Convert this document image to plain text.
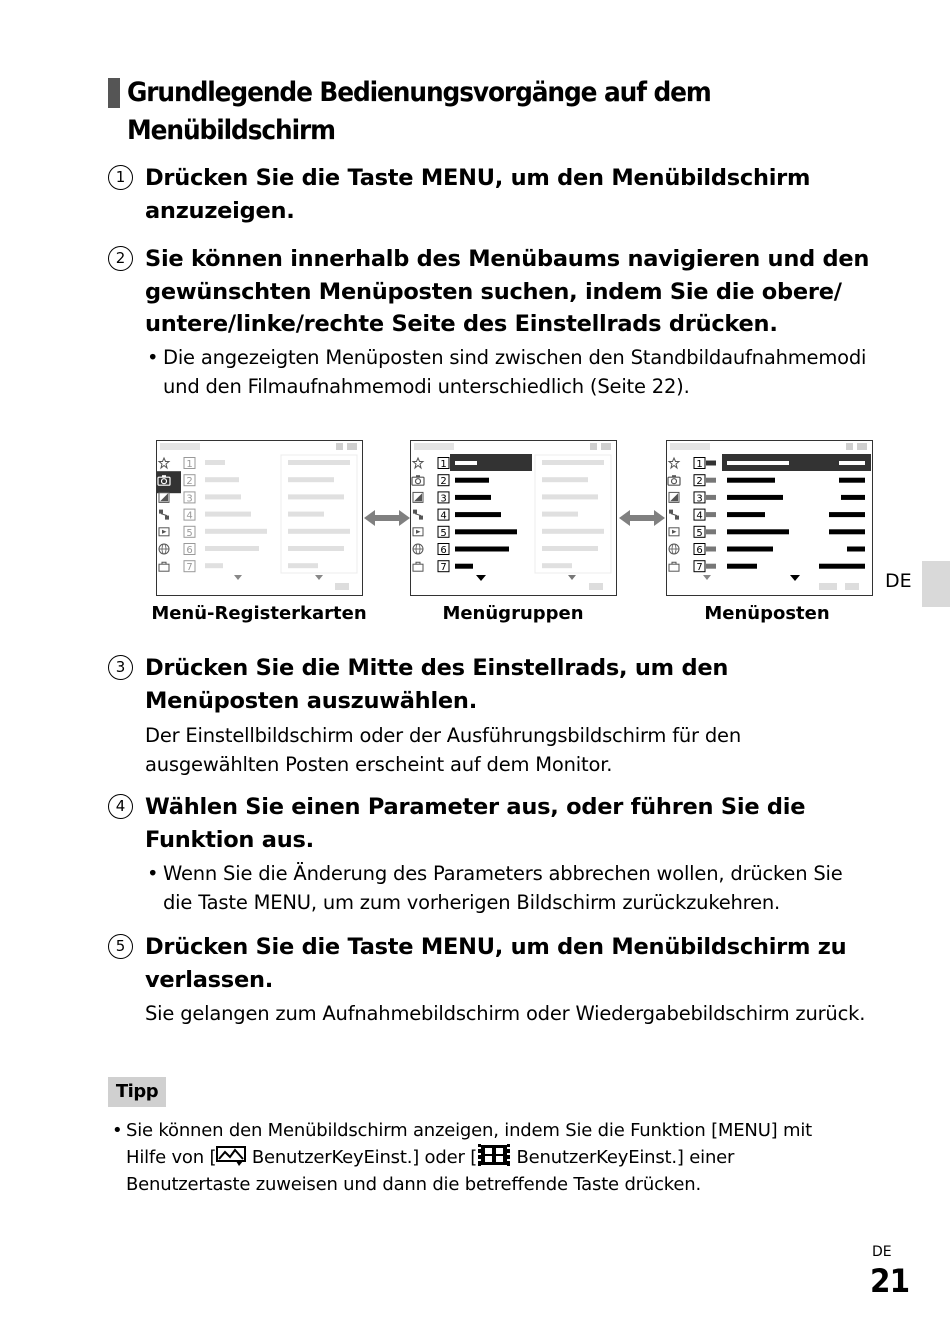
Grundlegende Bedienungsvorgänge auf dem Menübildschirm
1 Drücken Sie die Taste MENU, um den Menübildschirm anzuzeigen.
2 Sie können innerhalb des Menübaums navigieren und den gewünschten Menüposten suchen, indem Sie die obere/ untere/linke/rechte Seite des Einstellrads drücken.
• Die angezeigten Menüposten sind zwischen den Standbildaufnahmemodi und den Filmaufnahmemodi unterschiedlich (Seite 22).
1
2
3
4
5
6
7
1
2
3
4
5
6
7
1
2
3
4
5
6
7
Menü-Registerkarten	Menügruppen	Menüposten
DE
3 Drücken Sie die Mitte des Einstellrads, um den Menüposten auszuwählen.
Der Einstellbildschirm oder der Ausführungsbildschirm für den ausgewählten Posten erscheint auf dem Monitor.
4 Wählen Sie einen Parameter aus, oder führen Sie die Funktion aus.
• Wenn Sie die Änderung des Parameters abbrechen wollen, drücken Sie die Taste MENU, um zum vorherigen Bildschirm zurückzukehren.
5 Drücken Sie die Taste MENU, um den Menübildschirm zu verlassen.
Sie gelangen zum Aufnahmebildschirm oder Wiedergabebildschirm zurück.
Tipp
• Sie können den Menübildschirm anzeigen, indem Sie die Funktion [MENU] mit Hilfe von [ BenutzerKeyEinst.] oder [ BenutzerKeyEinst.] einer Benutzertaste zuweisen und dann die betreffende Taste drücken.
DE
21
